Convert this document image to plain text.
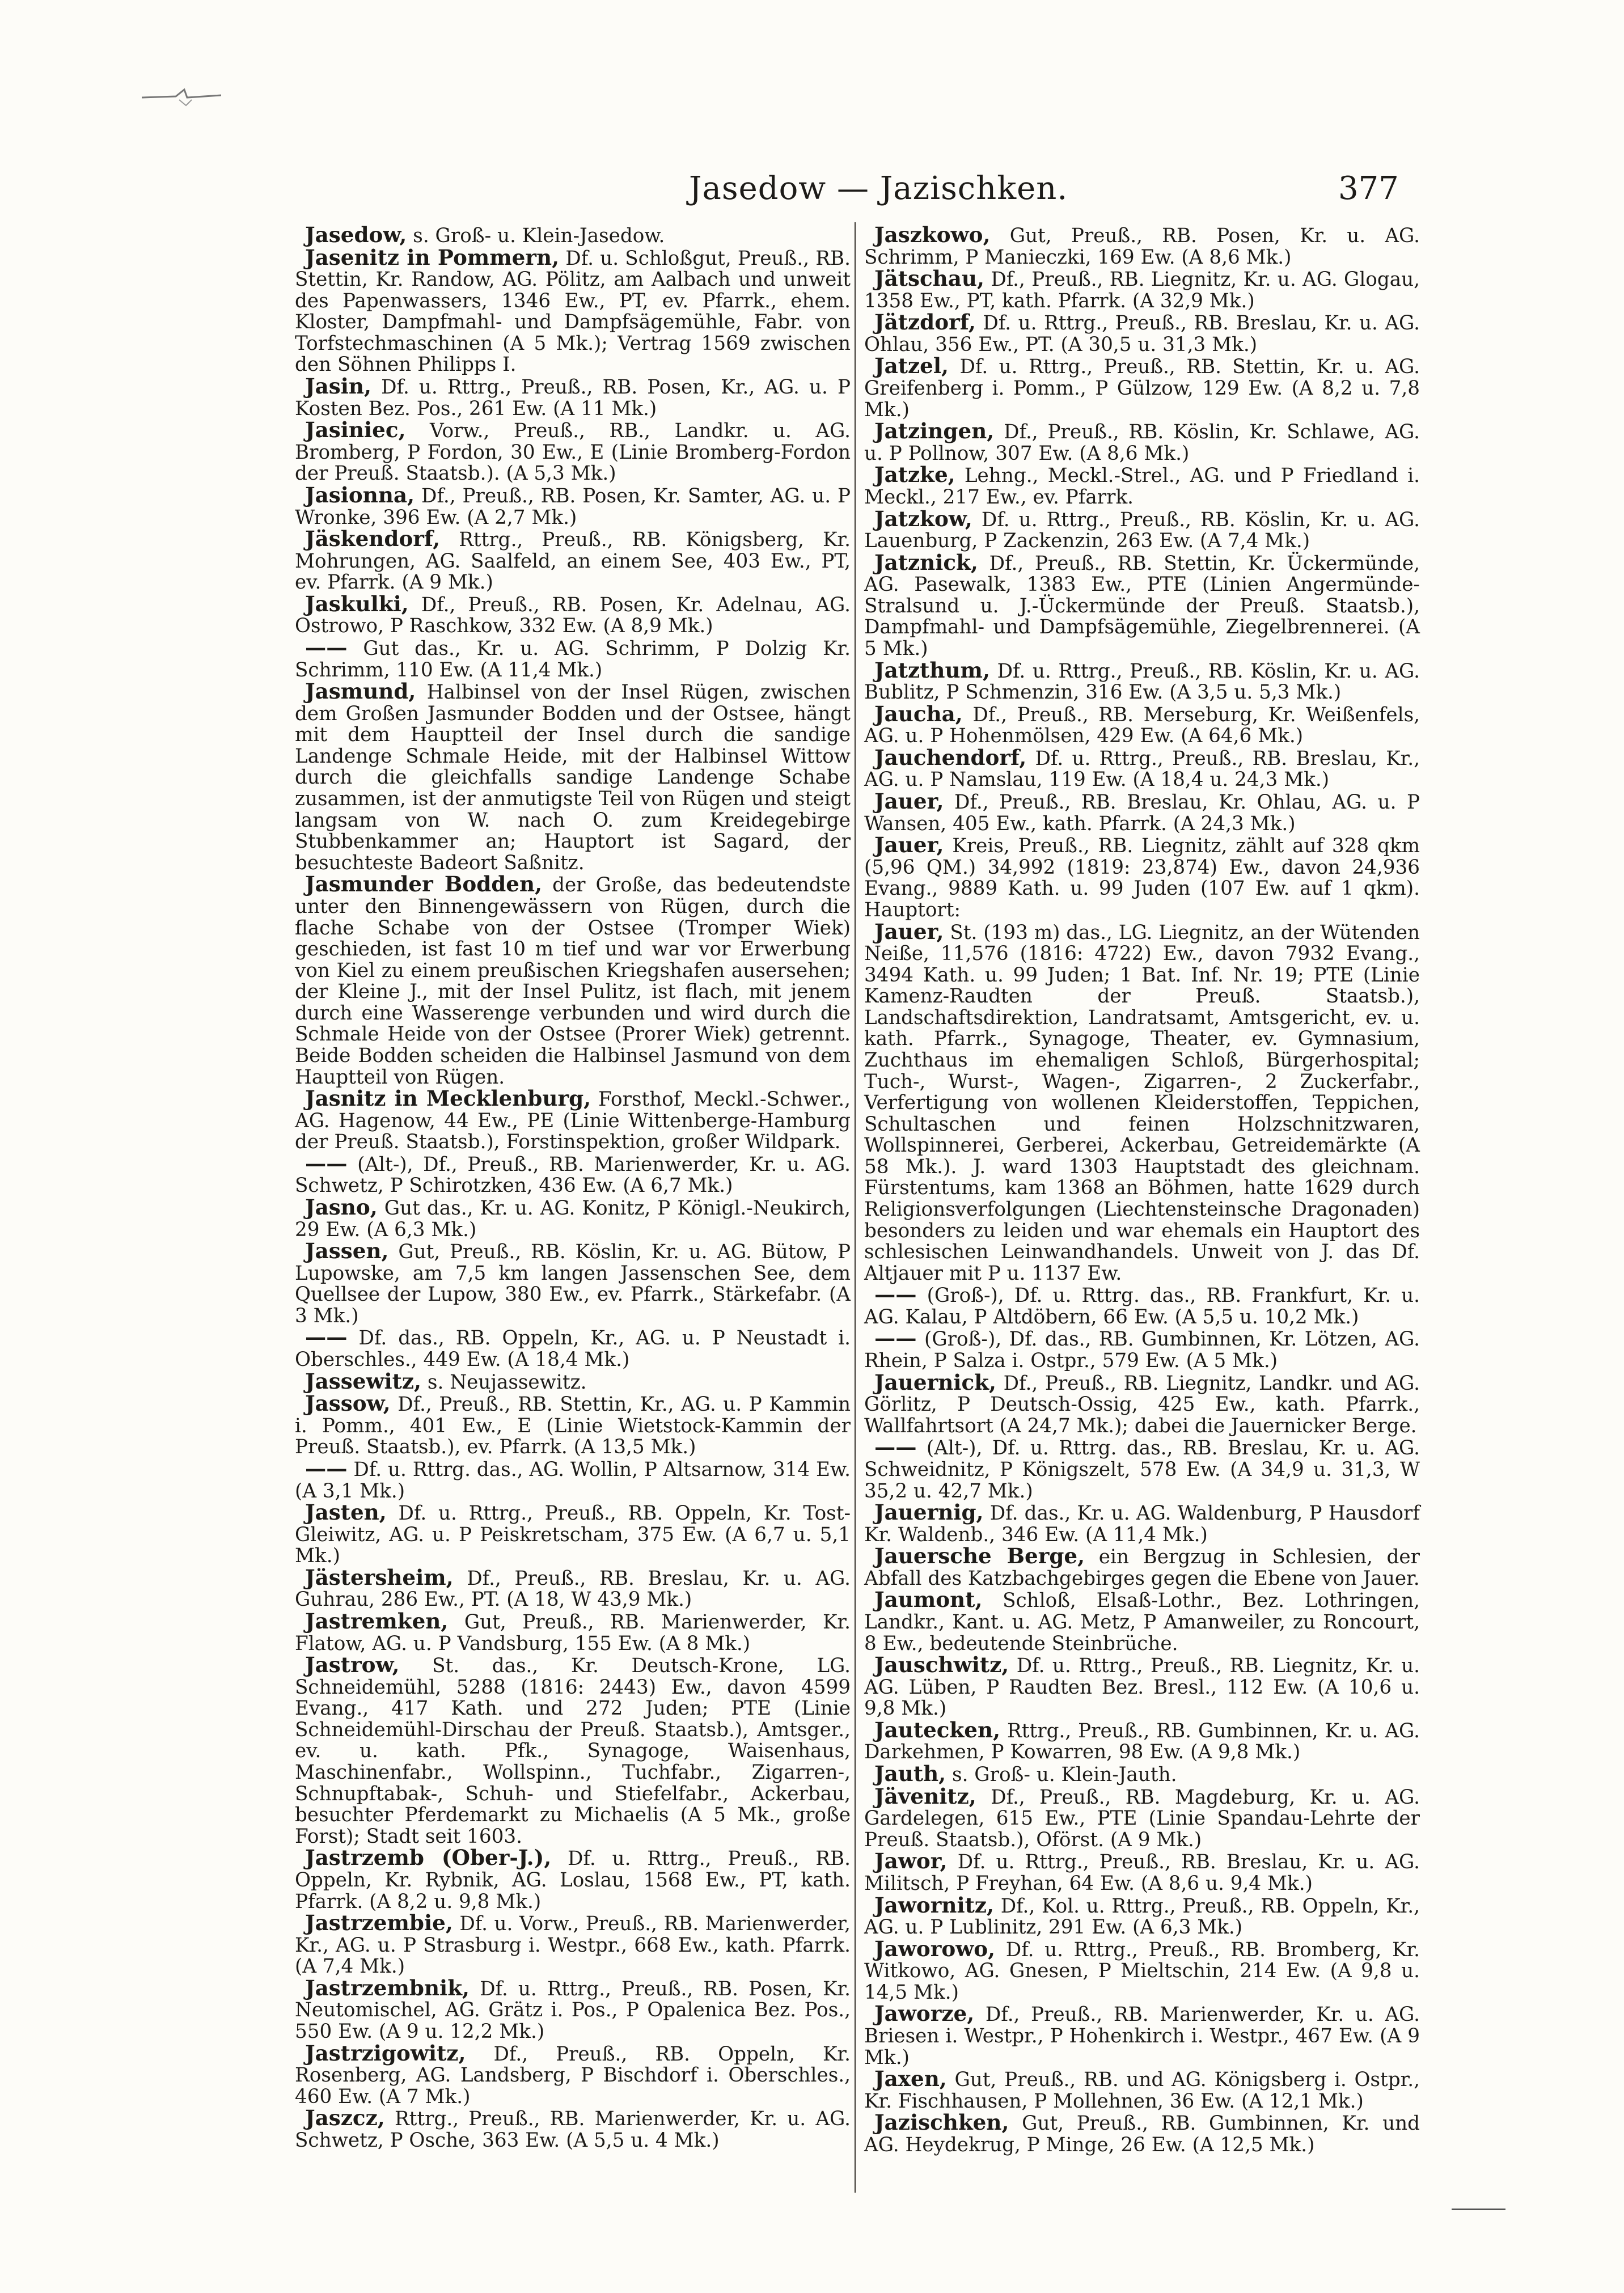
Jasedow — Jazischken.	377

Jasedow, s. Groß- u. Klein-Jasedow.

Jasenitz in Pommern, Df. u. Schloßgut, Preuß., RB. Stettin, Kr. Randow, AG. Pölitz, am Aalbach und unweit des Papenwassers, 1346 Ew., PT, ev. Pfarrk., ehem. Kloster, Dampfmahl- und Dampfsägemühle, Fabr. von Torfstechmaschinen (A 5 Mk.); Vertrag 1569 zwischen den Söhnen Philipps I.

Jasin, Df. u. Rttrg., Preuß., RB. Posen, Kr., AG. u. P Kosten Bez. Pos., 261 Ew. (A 11 Mk.)

Jasiniec, Vorw., Preuß., RB., Landkr. u. AG. Bromberg, P Fordon, 30 Ew., E (Linie Bromberg-Fordon der Preuß. Staatsb.). (A 5,3 Mk.)

Jasionna, Df., Preuß., RB. Posen, Kr. Samter, AG. u. P Wronke, 396 Ew. (A 2,7 Mk.)

Jäskendorf, Rttrg., Preuß., RB. Königsberg, Kr. Mohrungen, AG. Saalfeld, an einem See, 403 Ew., PT, ev. Pfarrk. (A 9 Mk.)

Jaskulki, Df., Preuß., RB. Posen, Kr. Adelnau, AG. Ostrowo, P Raschkow, 332 Ew. (A 8,9 Mk.)

—— Gut das., Kr. u. AG. Schrimm, P Dolzig Kr. Schrimm, 110 Ew. (A 11,4 Mk.)

Jasmund, Halbinsel von der Insel Rügen, zwischen dem Großen Jasmunder Bodden und der Ostsee, hängt mit dem Hauptteil der Insel durch die sandige Landenge Schmale Heide, mit der Halbinsel Wittow durch die gleichfalls sandige Landenge Schabe zusammen, ist der anmutigste Teil von Rügen und steigt langsam von W. nach O. zum Kreidegebirge Stubbenkammer an; Hauptort ist Sagard, der besuchteste Badeort Saßnitz.

Jasmunder Bodden, der Große, das bedeutendste unter den Binnengewässern von Rügen, durch die flache Schabe von der Ostsee (Tromper Wiek) geschieden, ist fast 10 m tief und war vor Erwerbung von Kiel zu einem preußischen Kriegshafen ausersehen; der Kleine J., mit der Insel Pulitz, ist flach, mit jenem durch eine Wasserenge verbunden und wird durch die Schmale Heide von der Ostsee (Prorer Wiek) getrennt. Beide Bodden scheiden die Halbinsel Jasmund von dem Hauptteil von Rügen.

Jasnitz in Mecklenburg, Forsthof, Meckl.-Schwer., AG. Hagenow, 44 Ew., PE (Linie Wittenberge-Hamburg der Preuß. Staatsb.), Forstinspektion, großer Wildpark.

—— (Alt-), Df., Preuß., RB. Marienwerder, Kr. u. AG. Schwetz, P Schirotzken, 436 Ew. (A 6,7 Mk.)

Jasno, Gut das., Kr. u. AG. Konitz, P Königl.-Neukirch, 29 Ew. (A 6,3 Mk.)

Jassen, Gut, Preuß., RB. Köslin, Kr. u. AG. Bütow, P Lupowske, am 7,5 km langen Jassenschen See, dem Quellsee der Lupow, 380 Ew., ev. Pfarrk., Stärkefabr. (A 3 Mk.)

—— Df. das., RB. Oppeln, Kr., AG. u. P Neustadt i. Oberschles., 449 Ew. (A 18,4 Mk.)

Jassewitz, s. Neujassewitz.

Jassow, Df., Preuß., RB. Stettin, Kr., AG. u. P Kammin i. Pomm., 401 Ew., E (Linie Wietstock-Kammin der Preuß. Staatsb.), ev. Pfarrk. (A 13,5 Mk.)

—— Df. u. Rttrg. das., AG. Wollin, P Altsarnow, 314 Ew. (A 3,1 Mk.)

Jasten, Df. u. Rttrg., Preuß., RB. Oppeln, Kr. Tost-Gleiwitz, AG. u. P Peiskretscham, 375 Ew. (A 6,7 u. 5,1 Mk.)

Jästersheim, Df., Preuß., RB. Breslau, Kr. u. AG. Guhrau, 286 Ew., PT. (A 18, W 43,9 Mk.)

Jastremken, Gut, Preuß., RB. Marienwerder, Kr. Flatow, AG. u. P Vandsburg, 155 Ew. (A 8 Mk.)

Jastrow, St. das., Kr. Deutsch-Krone, LG. Schneidemühl, 5288 (1816: 2443) Ew., davon 4599 Evang., 417 Kath. und 272 Juden; PTE (Linie Schneidemühl-Dirschau der Preuß. Staatsb.), Amtsger., ev. u. kath. Pfk., Synagoge, Waisenhaus, Maschinenfabr., Wollspinn., Tuchfabr., Zigarren-, Schnupftabak-, Schuh- und Stiefelfabr., Ackerbau, besuchter Pferdemarkt zu Michaelis (A 5 Mk., große Forst); Stadt seit 1603.

Jastrzemb (Ober-J.), Df. u. Rttrg., Preuß., RB. Oppeln, Kr. Rybnik, AG. Loslau, 1568 Ew., PT, kath. Pfarrk. (A 8,2 u. 9,8 Mk.)

Jastrzembie, Df. u. Vorw., Preuß., RB. Marienwerder, Kr., AG. u. P Strasburg i. Westpr., 668 Ew., kath. Pfarrk. (A 7,4 Mk.)

Jastrzembnik, Df. u. Rttrg., Preuß., RB. Posen, Kr. Neutomischel, AG. Grätz i. Pos., P Opalenica Bez. Pos., 550 Ew. (A 9 u. 12,2 Mk.)

Jastrzigowitz, Df., Preuß., RB. Oppeln, Kr. Rosenberg, AG. Landsberg, P Bischdorf i. Oberschles., 460 Ew. (A 7 Mk.)

Jaszcz, Rttrg., Preuß., RB. Marienwerder, Kr. u. AG. Schwetz, P Osche, 363 Ew. (A 5,5 u. 4 Mk.)

Jaszkowo, Gut, Preuß., RB. Posen, Kr. u. AG. Schrimm, P Manieczki, 169 Ew. (A 8,6 Mk.)

Jätschau, Df., Preuß., RB. Liegnitz, Kr. u. AG. Glogau, 1358 Ew., PT, kath. Pfarrk. (A 32,9 Mk.)

Jätzdorf, Df. u. Rttrg., Preuß., RB. Breslau, Kr. u. AG. Ohlau, 356 Ew., PT. (A 30,5 u. 31,3 Mk.)

Jatzel, Df. u. Rttrg., Preuß., RB. Stettin, Kr. u. AG. Greifenberg i. Pomm., P Gülzow, 129 Ew. (A 8,2 u. 7,8 Mk.)

Jatzingen, Df., Preuß., RB. Köslin, Kr. Schlawe, AG. u. P Pollnow, 307 Ew. (A 8,6 Mk.)

Jatzke, Lehng., Meckl.-Strel., AG. und P Friedland i. Meckl., 217 Ew., ev. Pfarrk.

Jatzkow, Df. u. Rttrg., Preuß., RB. Köslin, Kr. u. AG. Lauenburg, P Zackenzin, 263 Ew. (A 7,4 Mk.)

Jatznick, Df., Preuß., RB. Stettin, Kr. Ückermünde, AG. Pasewalk, 1383 Ew., PTE (Linien Angermünde-Stralsund u. J.-Ückermünde der Preuß. Staatsb.), Dampfmahl- und Dampfsägemühle, Ziegelbrennerei. (A 5 Mk.)

Jatzthum, Df. u. Rttrg., Preuß., RB. Köslin, Kr. u. AG. Bublitz, P Schmenzin, 316 Ew. (A 3,5 u. 5,3 Mk.)

Jaucha, Df., Preuß., RB. Merseburg, Kr. Weißenfels, AG. u. P Hohenmölsen, 429 Ew. (A 64,6 Mk.)

Jauchendorf, Df. u. Rttrg., Preuß., RB. Breslau, Kr., AG. u. P Namslau, 119 Ew. (A 18,4 u. 24,3 Mk.)

Jauer, Df., Preuß., RB. Breslau, Kr. Ohlau, AG. u. P Wansen, 405 Ew., kath. Pfarrk. (A 24,3 Mk.)

Jauer, Kreis, Preuß., RB. Liegnitz, zählt auf 328 qkm (5,96 QM.) 34,992 (1819: 23,874) Ew., davon 24,936 Evang., 9889 Kath. u. 99 Juden (107 Ew. auf 1 qkm). Hauptort:

Jauer, St. (193 m) das., LG. Liegnitz, an der Wütenden Neiße, 11,576 (1816: 4722) Ew., davon 7932 Evang., 3494 Kath. u. 99 Juden; 1 Bat. Inf. Nr. 19; PTE (Linie Kamenz-Raudten der Preuß. Staatsb.), Landschaftsdirektion, Landratsamt, Amtsgericht, ev. u. kath. Pfarrk., Synagoge, Theater, ev. Gymnasium, Zuchthaus im ehemaligen Schloß, Bürgerhospital; Tuch-, Wurst-, Wagen-, Zigarren-, 2 Zuckerfabr., Verfertigung von wollenen Kleiderstoffen, Teppichen, Schultaschen und feinen Holzschnitzwaren, Wollspinnerei, Gerberei, Ackerbau, Getreidemärkte (A 58 Mk.). J. ward 1303 Hauptstadt des gleichnam. Fürstentums, kam 1368 an Böhmen, hatte 1629 durch Religionsverfolgungen (Liechtensteinsche Dragonaden) besonders zu leiden und war ehemals ein Hauptort des schlesischen Leinwandhandels. Unweit von J. das Df. Altjauer mit P u. 1137 Ew.

—— (Groß-), Df. u. Rttrg. das., RB. Frankfurt, Kr. u. AG. Kalau, P Altdöbern, 66 Ew. (A 5,5 u. 10,2 Mk.)

—— (Groß-), Df. das., RB. Gumbinnen, Kr. Lötzen, AG. Rhein, P Salza i. Ostpr., 579 Ew. (A 5 Mk.)

Jauernick, Df., Preuß., RB. Liegnitz, Landkr. und AG. Görlitz, P Deutsch-Ossig, 425 Ew., kath. Pfarrk., Wallfahrtsort (A 24,7 Mk.); dabei die Jauernicker Berge.

—— (Alt-), Df. u. Rttrg. das., RB. Breslau, Kr. u. AG. Schweidnitz, P Königszelt, 578 Ew. (A 34,9 u. 31,3, W 35,2 u. 42,7 Mk.)

Jauernig, Df. das., Kr. u. AG. Waldenburg, P Hausdorf Kr. Waldenb., 346 Ew. (A 11,4 Mk.)

Jauersche Berge, ein Bergzug in Schlesien, der Abfall des Katzbachgebirges gegen die Ebene von Jauer.

Jaumont, Schloß, Elsaß-Lothr., Bez. Lothringen, Landkr., Kant. u. AG. Metz, P Amanweiler, zu Roncourt, 8 Ew., bedeutende Steinbrüche.

Jauschwitz, Df. u. Rttrg., Preuß., RB. Liegnitz, Kr. u. AG. Lüben, P Raudten Bez. Bresl., 112 Ew. (A 10,6 u. 9,8 Mk.)

Jautecken, Rttrg., Preuß., RB. Gumbinnen, Kr. u. AG. Darkehmen, P Kowarren, 98 Ew. (A 9,8 Mk.)

Jauth, s. Groß- u. Klein-Jauth.

Jävenitz, Df., Preuß., RB. Magdeburg, Kr. u. AG. Gardelegen, 615 Ew., PTE (Linie Spandau-Lehrte der Preuß. Staatsb.), Oförst. (A 9 Mk.)

Jawor, Df. u. Rttrg., Preuß., RB. Breslau, Kr. u. AG. Militsch, P Freyhan, 64 Ew. (A 8,6 u. 9,4 Mk.)

Jawornitz, Df., Kol. u. Rttrg., Preuß., RB. Oppeln, Kr., AG. u. P Lublinitz, 291 Ew. (A 6,3 Mk.)

Jaworowo, Df. u. Rttrg., Preuß., RB. Bromberg, Kr. Witkowo, AG. Gnesen, P Mieltschin, 214 Ew. (A 9,8 u. 14,5 Mk.)

Jaworze, Df., Preuß., RB. Marienwerder, Kr. u. AG. Briesen i. Westpr., P Hohenkirch i. Westpr., 467 Ew. (A 9 Mk.)

Jaxen, Gut, Preuß., RB. und AG. Königsberg i. Ostpr., Kr. Fischhausen, P Mollehnen, 36 Ew. (A 12,1 Mk.)

Jazischken, Gut, Preuß., RB. Gumbinnen, Kr. und AG. Heydekrug, P Minge, 26 Ew. (A 12,5 Mk.)
